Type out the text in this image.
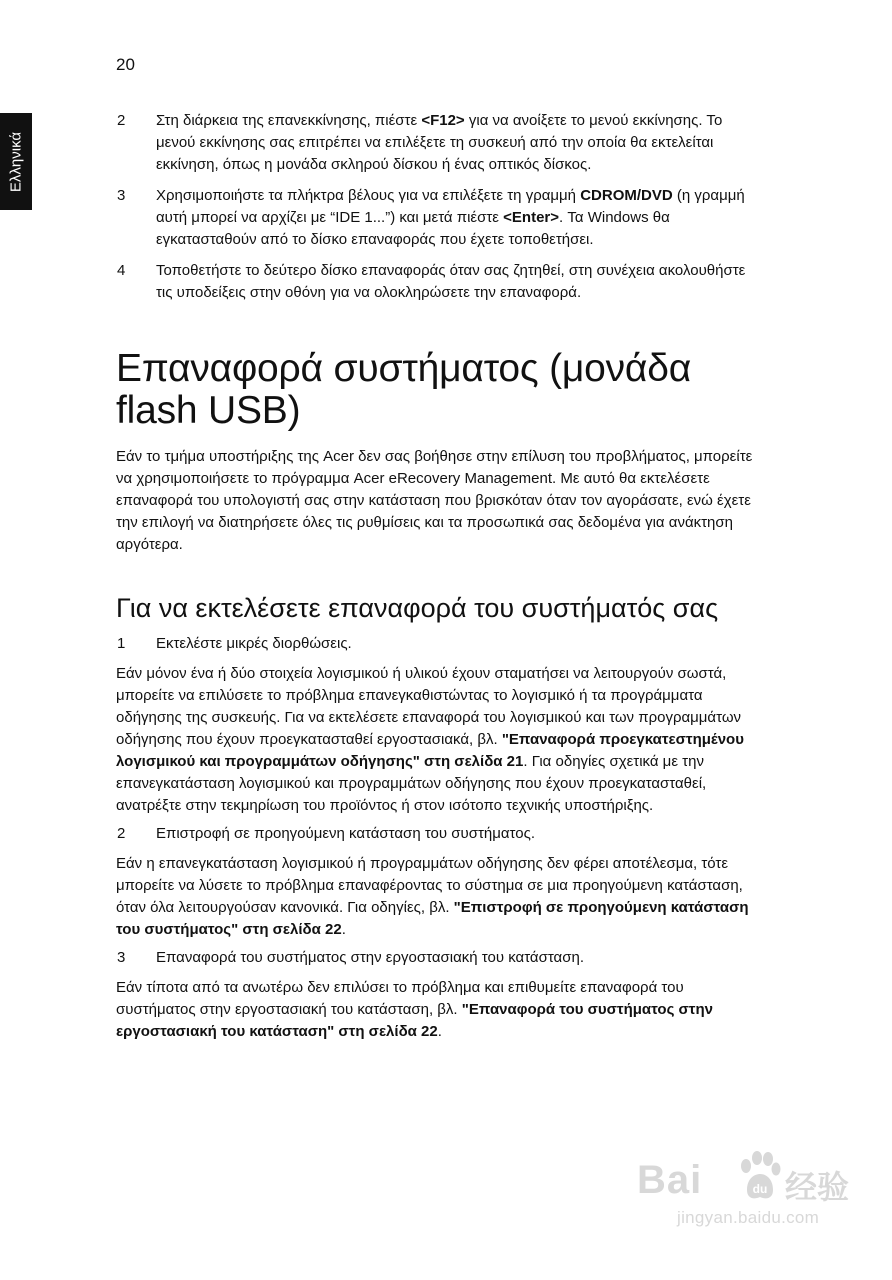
20
Ελληνικά
2 Στη διάρκεια της επανεκκίνησης, πιέστε <F12> για να ανοίξετε το μενού εκκίνησης. Το μενού εκκίνησης σας επιτρέπει να επιλέξετε τη συσκευή από την οποία θα εκτελείται εκκίνηση, όπως η μονάδα σκληρού δίσκου ή ένας οπτικός δίσκος.
3 Χρησιμοποιήστε τα πλήκτρα βέλους για να επιλέξετε τη γραμμή CDROM/DVD (η γραμμή αυτή μπορεί να αρχίζει με “IDE 1...”) και μετά πιέστε <Enter>. Τα Windows θα εγκατασταθούν από το δίσκο επαναφοράς που έχετε τοποθετήσει.
4 Τοποθετήστε το δεύτερο δίσκο επαναφοράς όταν σας ζητηθεί, στη συνέχεια ακολουθήστε τις υποδείξεις στην οθόνη για να ολοκληρώσετε την επαναφορά.
Επαναφορά συστήματος (μονάδα flash USB)

Εάν το τμήμα υποστήριξης της Acer δεν σας βοήθησε στην επίλυση του προβλήματος, μπορείτε να χρησιμοποιήσετε το πρόγραμμα Acer eRecovery Management. Με αυτό θα εκτελέσετε επαναφορά του υπολογιστή σας στην κατάσταση που βρισκόταν όταν τον αγοράσατε, ενώ έχετε την επιλογή να διατηρήσετε όλες τις ρυθμίσεις και τα προσωπικά σας δεδομένα για ανάκτηση αργότερα.

Για να εκτελέσετε επαναφορά του συστήματός σας
1 Εκτελέστε μικρές διορθώσεις.

Εάν μόνον ένα ή δύο στοιχεία λογισμικού ή υλικού έχουν σταματήσει να λειτουργούν σωστά, μπορείτε να επιλύσετε το πρόβλημα επανεγκαθιστώντας το λογισμικό ή τα προγράμματα οδήγησης της συσκευής. Για να εκτελέσετε επαναφορά του λογισμικού και των προγραμμάτων οδήγησης που έχουν προεγκατασταθεί εργοστασιακά, βλ. "Επαναφορά προεγκατεστημένου λογισμικού και προγραμμάτων οδήγησης" στη σελίδα 21. Για οδηγίες σχετικά με την επανεγκατάσταση λογισμικού και προγραμμάτων οδήγησης που έχουν προεγκατασταθεί, ανατρέξτε στην τεκμηρίωση του προϊόντος ή στον ισότοπο τεχνικής υποστήριξης.

2 Επιστροφή σε προηγούμενη κατάσταση του συστήματος.

Εάν η επανεγκατάσταση λογισμικού ή προγραμμάτων οδήγησης δεν φέρει αποτέλεσμα, τότε μπορείτε να λύσετε το πρόβλημα επαναφέροντας το σύστημα σε μια προηγούμενη κατάσταση, όταν όλα λειτουργούσαν κανονικά. Για οδηγίες, βλ. "Επιστροφή σε προηγούμενη κατάσταση του συστήματος" στη σελίδα 22.

3 Επαναφορά του συστήματος στην εργοστασιακή του κατάσταση.

Εάν τίποτα από τα ανωτέρω δεν επιλύσει το πρόβλημα και επιθυμείτε επαναφορά του συστήματος στην εργοστασιακή του κατάσταση, βλ. "Επαναφορά του συστήματος στην εργοστασιακή του κατάσταση" στη σελίδα 22.

Bai	du 经验
jingyan.baidu.com
